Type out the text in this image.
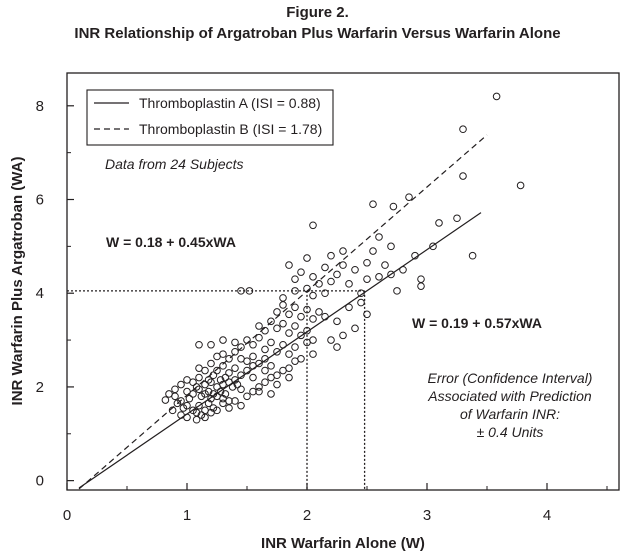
Figure 2.
INR Relationship of Argatroban Plus Warfarin Versus Warfarin Alone
0	1	2	3	4
0
2
4
6
8
INR Warfarin Alone (W)
INR Warfarin Plus Argatroban (WA)
Thromboplastin A (ISI = 0.88)
Thromboplastin B (ISI = 1.78)
Data from 24 Subjects
W = 0.18 + 0.45xWA
W = 0.19 + 0.57xWA
Error (Confidence Interval)
Associated with Prediction
of Warfarin INR:
± 0.4 Units
